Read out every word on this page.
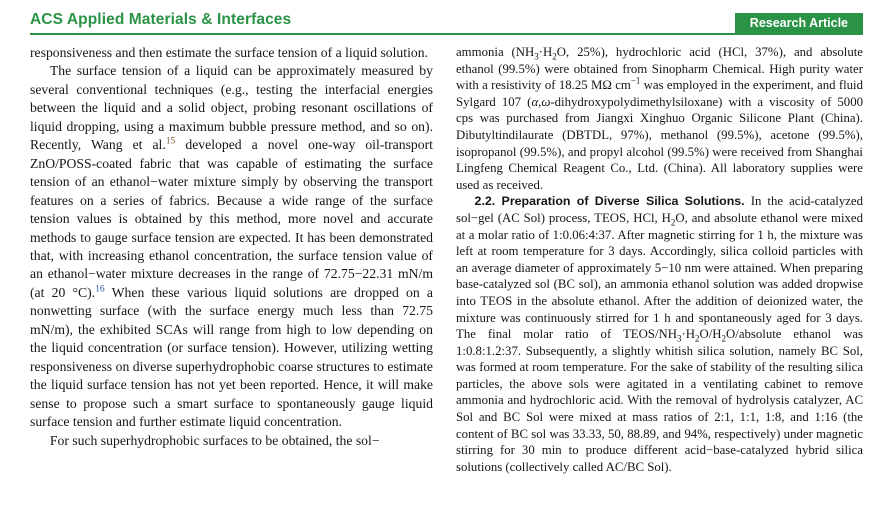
ACS Applied Materials & Interfaces	Research Article

responsiveness and then estimate the surface tension of a liquid solution.

The surface tension of a liquid can be approximately measured by several conventional techniques (e.g., testing the interfacial energies between the liquid and a solid object, probing resonant oscillations of liquid dropping, using a maximum bubble pressure method, and so on). Recently, Wang et al.$^{15}$ developed a novel one-way oil-transport ZnO/POSS-coated fabric that was capable of estimating the surface tension of an ethanol−water mixture simply by observing the transport features on a series of fabrics. Because a wide range of the surface tension values is obtained by this method, more novel and accurate methods to gauge surface tension are expected. It has been demonstrated that, with increasing ethanol concentration, the surface tension value of an ethanol−water mixture decreases in the range of 72.75−22.31 mN/m (at 20 °C).$^{16}$ When these various liquid solutions are dropped on a nonwetting surface (with the surface energy much less than 72.75 mN/m), the exhibited SCAs will range from high to low depending on the liquid concentration (or surface tension). However, utilizing wetting responsiveness on diverse superhydrophobic coarse structures to estimate the liquid surface tension has not yet been reported. Hence, it will make sense to propose such a smart surface to spontaneously gauge liquid surface tension and further estimate liquid concentration.

For such superhydrophobic surfaces to be obtained, the sol−

ammonia ($NH_3\cdot H_2O$, 25%), hydrochloric acid (HCl, 37%), and absolute ethanol (99.5%) were obtained from Sinopharm Chemical. High purity water with a resistivity of 18.25 MΩ $cm^{-1}$ was employed in the experiment, and fluid Sylgard 107 (α,ω-dihydroxypolydimethylsiloxane) with a viscosity of 5000 cps was purchased from Jiangxi Xinghuo Organic Silicone Plant (China). Dibutyltindilaurate (DBTDL, 97%), methanol (99.5%), acetone (99.5%), isopropanol (99.5%), and propyl alcohol (99.5%) were received from Shanghai Lingfeng Chemical Reagent Co., Ltd. (China). All laboratory supplies were used as received.

2.2. Preparation of Diverse Silica Solutions. In the acid-catalyzed sol−gel (AC Sol) process, TEOS, HCl, $H_2O$, and absolute ethanol were mixed at a molar ratio of 1:0.06:4:37. After magnetic stirring for 1 h, the mixture was left at room temperature for 3 days. Accordingly, silica colloid particles with an average diameter of approximately 5−10 nm were attained. When preparing base-catalyzed sol (BC sol), an ammonia ethanol solution was added dropwise into TEOS in the absolute ethanol. After the addition of deionized water, the mixture was continuously stirred for 1 h and spontaneously aged for 3 days. The final molar ratio of TEOS/$NH_3\cdot H_2O/H_2O$/absolute ethanol was 1:0.8:1.2:37. Subsequently, a slightly whitish silica solution, namely BC Sol, was formed at room temperature. For the sake of stability of the resulting silica particles, the above sols were agitated in a ventilating cabinet to remove ammonia and hydrochloric acid. With the removal of hydrolysis catalyzer, AC Sol and BC Sol were mixed at mass ratios of 2:1, 1:1, 1:8, and 1:16 (the content of BC sol was 33.33, 50, 88.89, and 94%, respectively) under magnetic stirring for 30 min to produce different acid−base-catalyzed hybrid silica solutions (collectively called AC/BC Sol).
